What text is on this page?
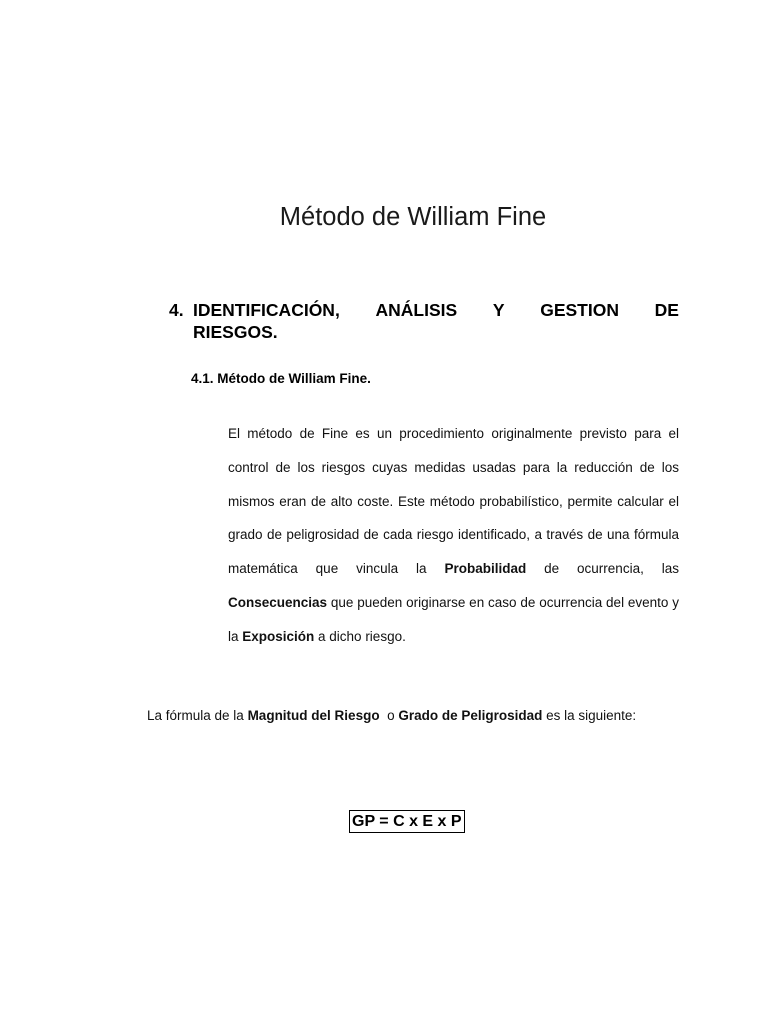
Método de William Fine
4. IDENTIFICACIÓN, ANÁLISIS Y GESTION DE
RIESGOS.
4.1. Método de William Fine.

El método de Fine es un procedimiento originalmente previsto para el control de los riesgos cuyas medidas usadas para la reducción de los mismos eran de alto coste. Este método probabilístico, permite calcular el grado de peligrosidad de cada riesgo identificado, a través de una fórmula matemática que vincula la Probabilidad de ocurrencia, las Consecuencias que pueden originarse en caso de ocurrencia del evento y la Exposición a dicho riesgo.

La fórmula de la Magnitud del Riesgo  o Grado de Peligrosidad es la siguiente:

GP = C x E x P
